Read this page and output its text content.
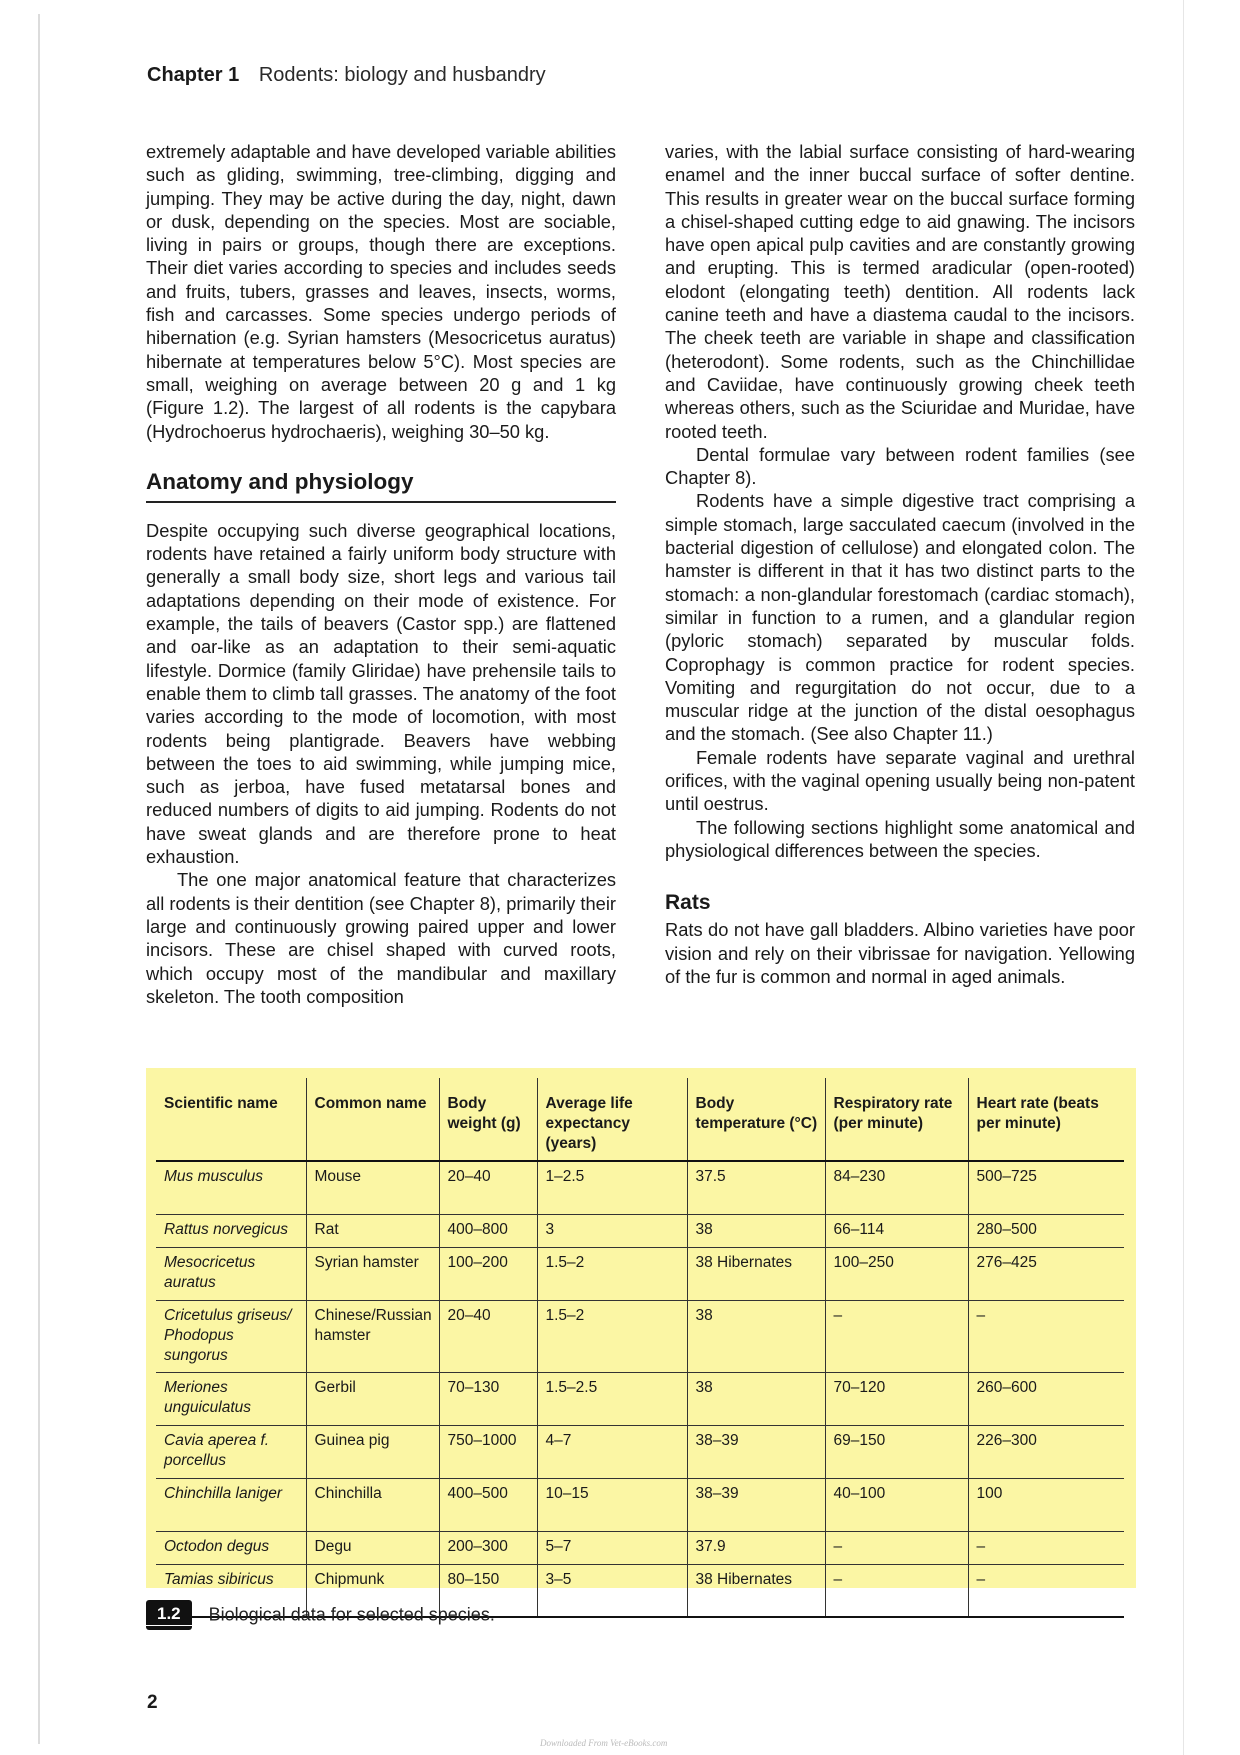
Chapter 1 Rodents: biology and husbandry

extremely adaptable and have developed variable abilities such as gliding, swimming, tree-climbing, digging and jumping. They may be active during the day, night, dawn or dusk, depending on the species. Most are sociable, living in pairs or groups, though there are exceptions. Their diet varies according to species and includes seeds and fruits, tubers, grasses and leaves, insects, worms, fish and carcasses. Some species undergo periods of hibernation (e.g. Syrian hamsters (Mesocricetus auratus) hibernate at temperatures below 5°C). Most species are small, weighing on average between 20 g and 1 kg (Figure 1.2). The largest of all rodents is the capybara (Hydrochoerus hydrochaeris), weighing 30–50 kg.

Anatomy and physiology

Despite occupying such diverse geographical locations, rodents have retained a fairly uniform body structure with generally a small body size, short legs and various tail adaptations depending on their mode of existence. For example, the tails of beavers (Castor spp.) are flattened and oar-like as an adaptation to their semi-aquatic lifestyle. Dormice (family Gliridae) have prehensile tails to enable them to climb tall grasses. The anatomy of the foot varies according to the mode of locomotion, with most rodents being plantigrade. Beavers have webbing between the toes to aid swimming, while jumping mice, such as jerboa, have fused metatarsal bones and reduced numbers of digits to aid jumping. Rodents do not have sweat glands and are therefore prone to heat exhaustion.

The one major anatomical feature that characterizes all rodents is their dentition (see Chapter 8), primarily their large and continuously growing paired upper and lower incisors. These are chisel shaped with curved roots, which occupy most of the mandibular and maxillary skeleton. The tooth composition

varies, with the labial surface consisting of hard-wearing enamel and the inner buccal surface of softer dentine. This results in greater wear on the buccal surface forming a chisel-shaped cutting edge to aid gnawing. The incisors have open apical pulp cavities and are constantly growing and erupting. This is termed aradicular (open-rooted) elodont (elongating teeth) dentition. All rodents lack canine teeth and have a diastema caudal to the incisors. The cheek teeth are variable in shape and classification (heterodont). Some rodents, such as the Chinchillidae and Caviidae, have continuously growing cheek teeth whereas others, such as the Sciuridae and Muridae, have rooted teeth.

Dental formulae vary between rodent families (see Chapter 8).

Rodents have a simple digestive tract comprising a simple stomach, large sacculated caecum (involved in the bacterial digestion of cellulose) and elongated colon. The hamster is different in that it has two distinct parts to the stomach: a non-glandular forestomach (cardiac stomach), similar in function to a rumen, and a glandular region (pyloric stomach) separated by muscular folds. Coprophagy is common practice for rodent species. Vomiting and regurgitation do not occur, due to a muscular ridge at the junction of the distal oesophagus and the stomach. (See also Chapter 11.)

Female rodents have separate vaginal and urethral orifices, with the vaginal opening usually being non-patent until oestrus.

The following sections highlight some anatomical and physiological differences between the species.

Rats

Rats do not have gall bladders. Albino varieties have poor vision and rely on their vibrissae for navigation. Yellowing of the fur is common and normal in aged animals.

Scientific name	Common name	Body weight (g)	Average life expectancy (years)	Body temperature (°C)	Respiratory rate (per minute)	Heart rate (beats per minute)
Mus musculus	Mouse	20–40	1–2.5	37.5	84–230	500–725
Rattus norvegicus	Rat	400–800	3	38	66–114	280–500
Mesocricetus auratus	Syrian hamster	100–200	1.5–2	38 Hibernates	100–250	276–425
Cricetulus griseus/ Phodopus sungorus	Chinese/Russian hamster	20–40	1.5–2	38	–	–
Meriones unguiculatus	Gerbil	70–130	1.5–2.5	38	70–120	260–600
Cavia aperea f. porcellus	Guinea pig	750–1000	4–7	38–39	69–150	226–300
Chinchilla laniger	Chinchilla	400–500	10–15	38–39	40–100	100
Octodon degus	Degu	200–300	5–7	37.9	–	–
Tamias sibiricus	Chipmunk	80–150	3–5	38 Hibernates	–	–
1.2 Biological data for selected species.
2
Downloaded From Vet-eBooks.com
